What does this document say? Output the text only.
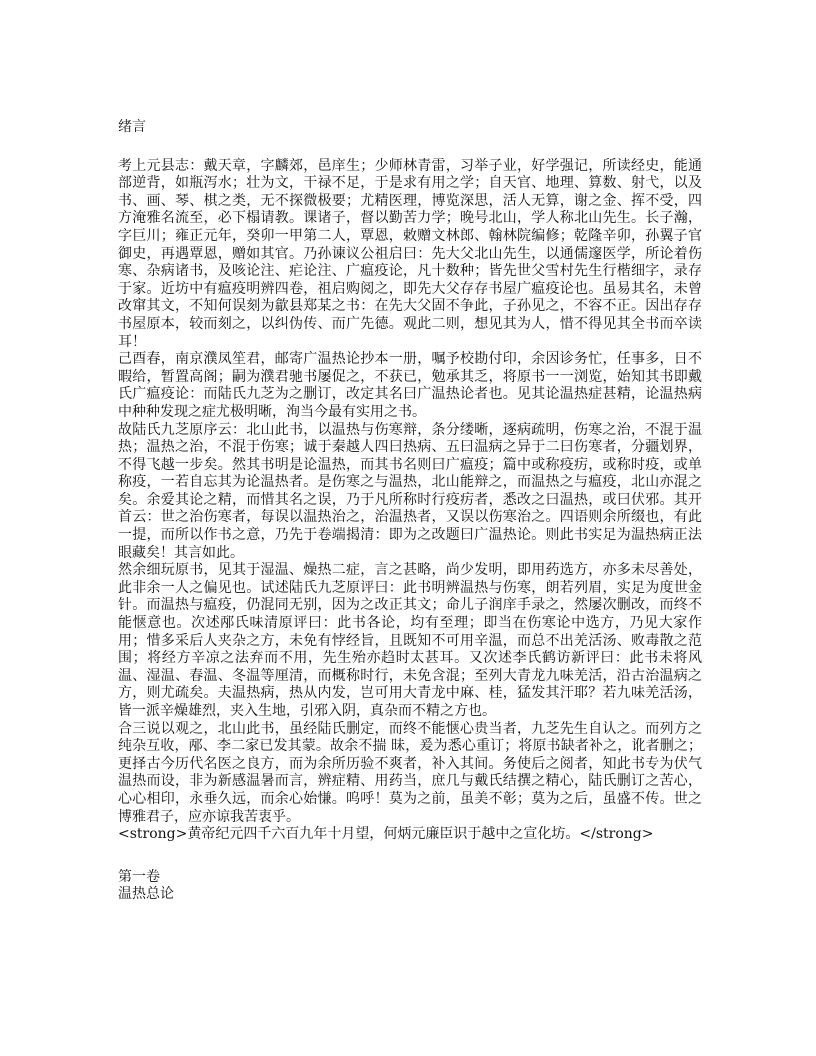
绪言

考上元县志：戴天章，字麟郊，邑庠生；少师林青雷，习举子业，好学强记，所读经史，能通部逆背，如瓶泻水；壮为文，干禄不足，于是求有用之学；自天官、地理、算数、射弋，以及书、画、琴、棋之类，无不探微极要；尤精医理，博览深思，活人无算，谢之金、挥不受，四方淹雅名流至，必下榻请教。课诸子，督以勤苦力学；晚号北山，学人称北山先生。长子瀚，字巨川；雍正元年，癸卯一甲第二人，覃恩，敕赠文林郎、翰林院编修；乾隆辛卯，孙翼子官御史，再遇覃恩，赠如其官。乃孙谏议公祖启曰：先大父北山先生，以通儒邃医学，所论着伤寒、杂病诸书，及咳论注、疟论注、广瘟疫论，凡十数种；皆先世父雪村先生行楷细字，录存于家。近坊中有瘟疫明辨四卷，祖启购阅之，即先大父存存书屋广瘟疫论也。虽易其名，未曾改窜其文，不知何误刻为歙县郑某之书：在先大父固不争此，子孙见之，不容不正。因出存存书屋原本，较而刻之，以纠伪传、而广先德。观此二则，想见其为人，惜不得见其全书而卒读耳！

己酉春，南京濮凤笙君，邮寄广温热论抄本一册，嘱予校勘付印，余因诊务忙，任事多，日不暇给，暂置高阁；嗣为濮君驰书屡促之，不获已，勉承其乏，将原书一一浏览，始知其书即戴氏广瘟疫论：而陆氏九芝为之删订，改定其名曰广温热论者也。见其论温热症甚精，论温热病中种种发现之症尤极明晰，洵当今最有实用之书。

故陆氏九芝原序云：北山此书，以温热与伤寒辩，条分缕晰，逐病疏明，伤寒之治，不混于温热；温热之治，不混于伤寒；诚于秦越人四曰热病、五曰温病之异于二曰伤寒者，分疆划界，不得飞越一步矣。然其书明是论温热，而其书名则曰广瘟疫；篇中或称疫疠，或称时疫，或单称疫，一若自忘其为论温热者。是伤寒之与温热，北山能辩之，而温热之与瘟疫，北山亦混之矣。余爱其论之精，而惜其名之误，乃于凡所称时行疫疠者，悉改之曰温热，或曰伏邪。其开首云：世之治伤寒者，每误以温热治之，治温热者，又误以伤寒治之。四语则余所缀也，有此一提，而所以作书之意，乃先于卷端揭清：即为之改题曰广温热论。则此书实足为温热病正法眼藏矣！其言如此。

然余细玩原书，见其于湿温、燥热二症，言之甚略，尚少发明，即用药选方，亦多未尽善处，此非余一人之偏见也。试述陆氏九芝原评曰：此书明辨温热与伤寒，朗若列眉，实足为度世金针。而温热与瘟疫，仍混同无别，因为之改正其文；命儿子润庠手录之，然屡次删改，而终不能惬意也。次述邴氏味清原评曰：此书各论，均有至理；即当在伤寒论中选方，乃见大家作用；惜多采后人夹杂之方，未免有悖经旨，且既知不可用辛温，而总不出羌活汤、败毒散之范围；将经方辛凉之法弃而不用，先生殆亦趋时太甚耳。又次述李氏鹤访新评曰：此书未将风温、湿温、春温、冬温等厘清，而概称时行，未免含混；至列大青龙九味羌活，沿古治温病之方，则尤疏矣。夫温热病，热从内发，岂可用大青龙中麻、桂，猛发其汗耶？若九味羌活汤，皆一派辛燥雄烈，夹入生地，引邪入阴，真杂而不精之方也。

合三说以观之，北山此书，虽经陆氏删定，而终不能惬心贵当者，九芝先生自认之。而列方之纯杂互收，邴、李二家已发其蒙。故余不揣 昧，爰为悉心重订；将原书缺者补之，讹者删之；更择古今历代名医之良方，而为余所历验不爽者，补入其间。务使后之阅者，知此书专为伏气温热而设，非为新感温暑而言，辨症精、用药当，庶几与戴氏结撰之精心，陆氏删订之苦心，心心相印，永垂久远，而余心始慊。呜呼！莫为之前，虽美不彰；莫为之后，虽盛不传。世之博雅君子，应亦谅我苦衷乎。

<strong>黄帝纪元四千六百九年十月望，何炳元廉臣识于越中之宣化坊。</strong>
第一卷
温热总论
